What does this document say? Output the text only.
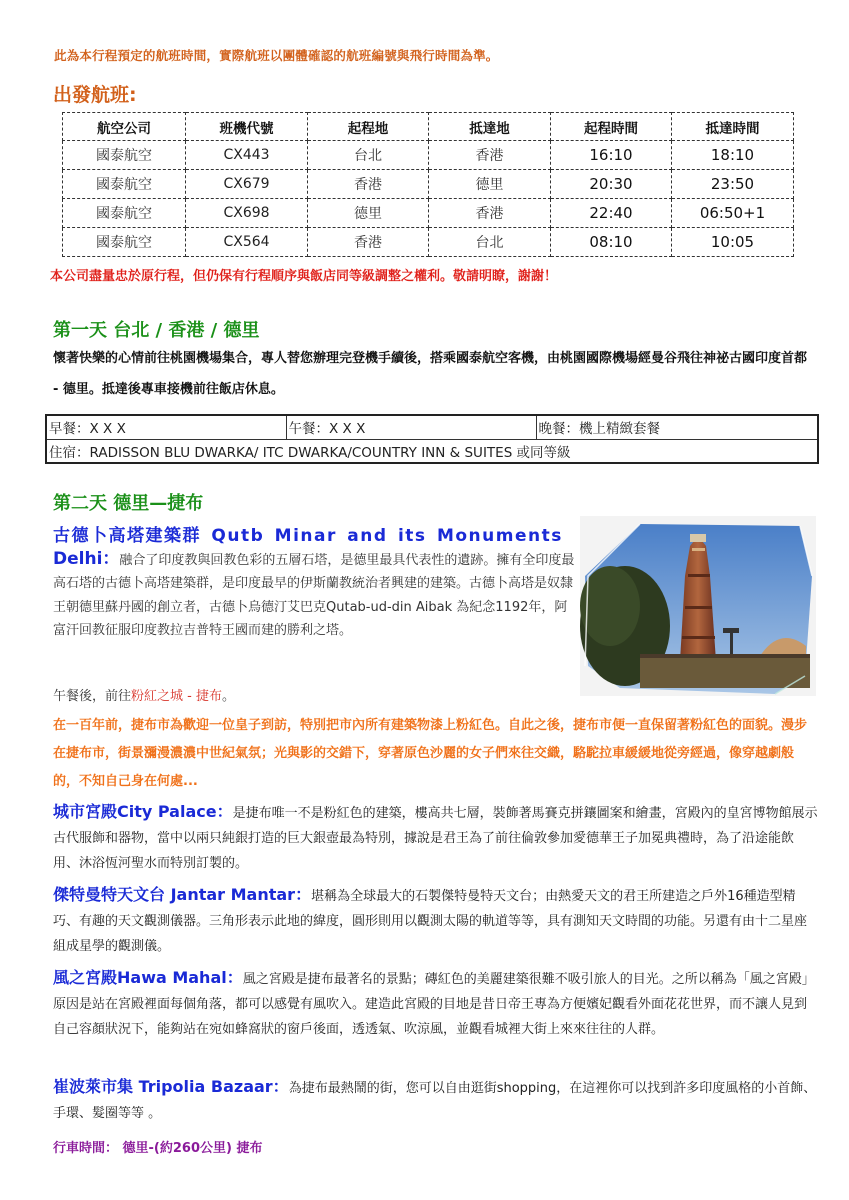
此為本行程預定的航班時間，實際航班以團體確認的航班編號與飛行時間為準。
出發航班:
航空公司	班機代號	起程地	抵達地	起程時間	抵達時間
國泰航空	CX443	台北	香港	16:10	18:10
國泰航空	CX679	香港	德里	20:30	23:50
國泰航空	CX698	德里	香港	22:40	06:50+1
國泰航空	CX564	香港	台北	08:10	10:05
本公司盡量忠於原行程，但仍保有行程順序與飯店同等級調整之權利。敬請明瞭，謝謝！
第一天 台北 / 香港 / 德里
懷著快樂的心情前往桃園機場集合，專人替您辦理完登機手續後，搭乘國泰航空客機，由桃園國際機場經曼谷飛往神祕古國印度首都 - 德里。抵達後專車接機前往飯店休息。
早餐：X X X	午餐：X X X	晚餐：機上精緻套餐
住宿：RADISSON BLU DWARKA/ ITC DWARKA/COUNTRY INN & SUITES 或同等級
第二天 德里—捷布
古德卜高塔建築群 Qutb Minar and its Monuments
Delhi：融合了印度教與回教色彩的五層石塔，是德里最具代表性的遺跡。擁有全印度最高石塔的古德卜高塔建築群，是印度最早的伊斯蘭教統治者興建的建築。古德卜高塔是奴隸王朝德里蘇丹國的創立者，古德卜烏德汀艾巴克Qutab-ud-din Aibak 為紀念1192年，阿富汗回教征服印度教拉吉普特王國而建的勝利之塔。
午餐後，前往粉紅之城 - 捷布。
在一百年前，捷布市為歡迎一位皇子到訪，特別把市內所有建築物漆上粉紅色。自此之後，捷布市便一直保留著粉紅色的面貌。漫步在捷布市，街景瀰漫濃濃中世紀氣氛；光與影的交錯下，穿著原色沙麗的女子們來往交織，駱駝拉車緩緩地從旁經過，像穿越劇般的，不知自己身在何處...
城市宮殿City Palace：是捷布唯一不是粉紅色的建築，樓高共七層，裝飾著馬賽克拼鑲圖案和繪畫，宮殿內的皇宮博物館展示古代服飾和器物，當中以兩只純銀打造的巨大銀壺最為特別，據說是君王為了前往倫敦參加愛德華王子加冕典禮時，為了沿途能飲用、沐浴恆河聖水而特別訂製的。
傑特曼特天文台 Jantar Mantar：堪稱為全球最大的石製傑特曼特天文台；由熱愛天文的君王所建造之戶外16種造型精巧、有趣的天文觀測儀器。三角形表示此地的緯度，圓形則用以觀測太陽的軌道等等，具有測知天文時間的功能。另還有由十二星座組成星學的觀測儀。
風之宮殿Hawa Mahal：風之宮殿是捷布最著名的景點；磚紅色的美麗建築很難不吸引旅人的目光。之所以稱為「風之宮殿」原因是站在宮殿裡面每個角落，都可以感覺有風吹入。建造此宮殿的目地是昔日帝王專為方便嬪妃觀看外面花花世界，而不讓人見到自己容顏狀況下，能夠站在宛如蜂窩狀的窗戶後面，透透氣、吹涼風，並觀看城裡大街上來來往往的人群。
崔波萊市集 Tripolia Bazaar：為捷布最熱鬧的街，您可以自由逛街shopping，在這裡你可以找到許多印度風格的小首飾、手環、髮圈等等 。
行車時間： 德里-(約260公里) 捷布
